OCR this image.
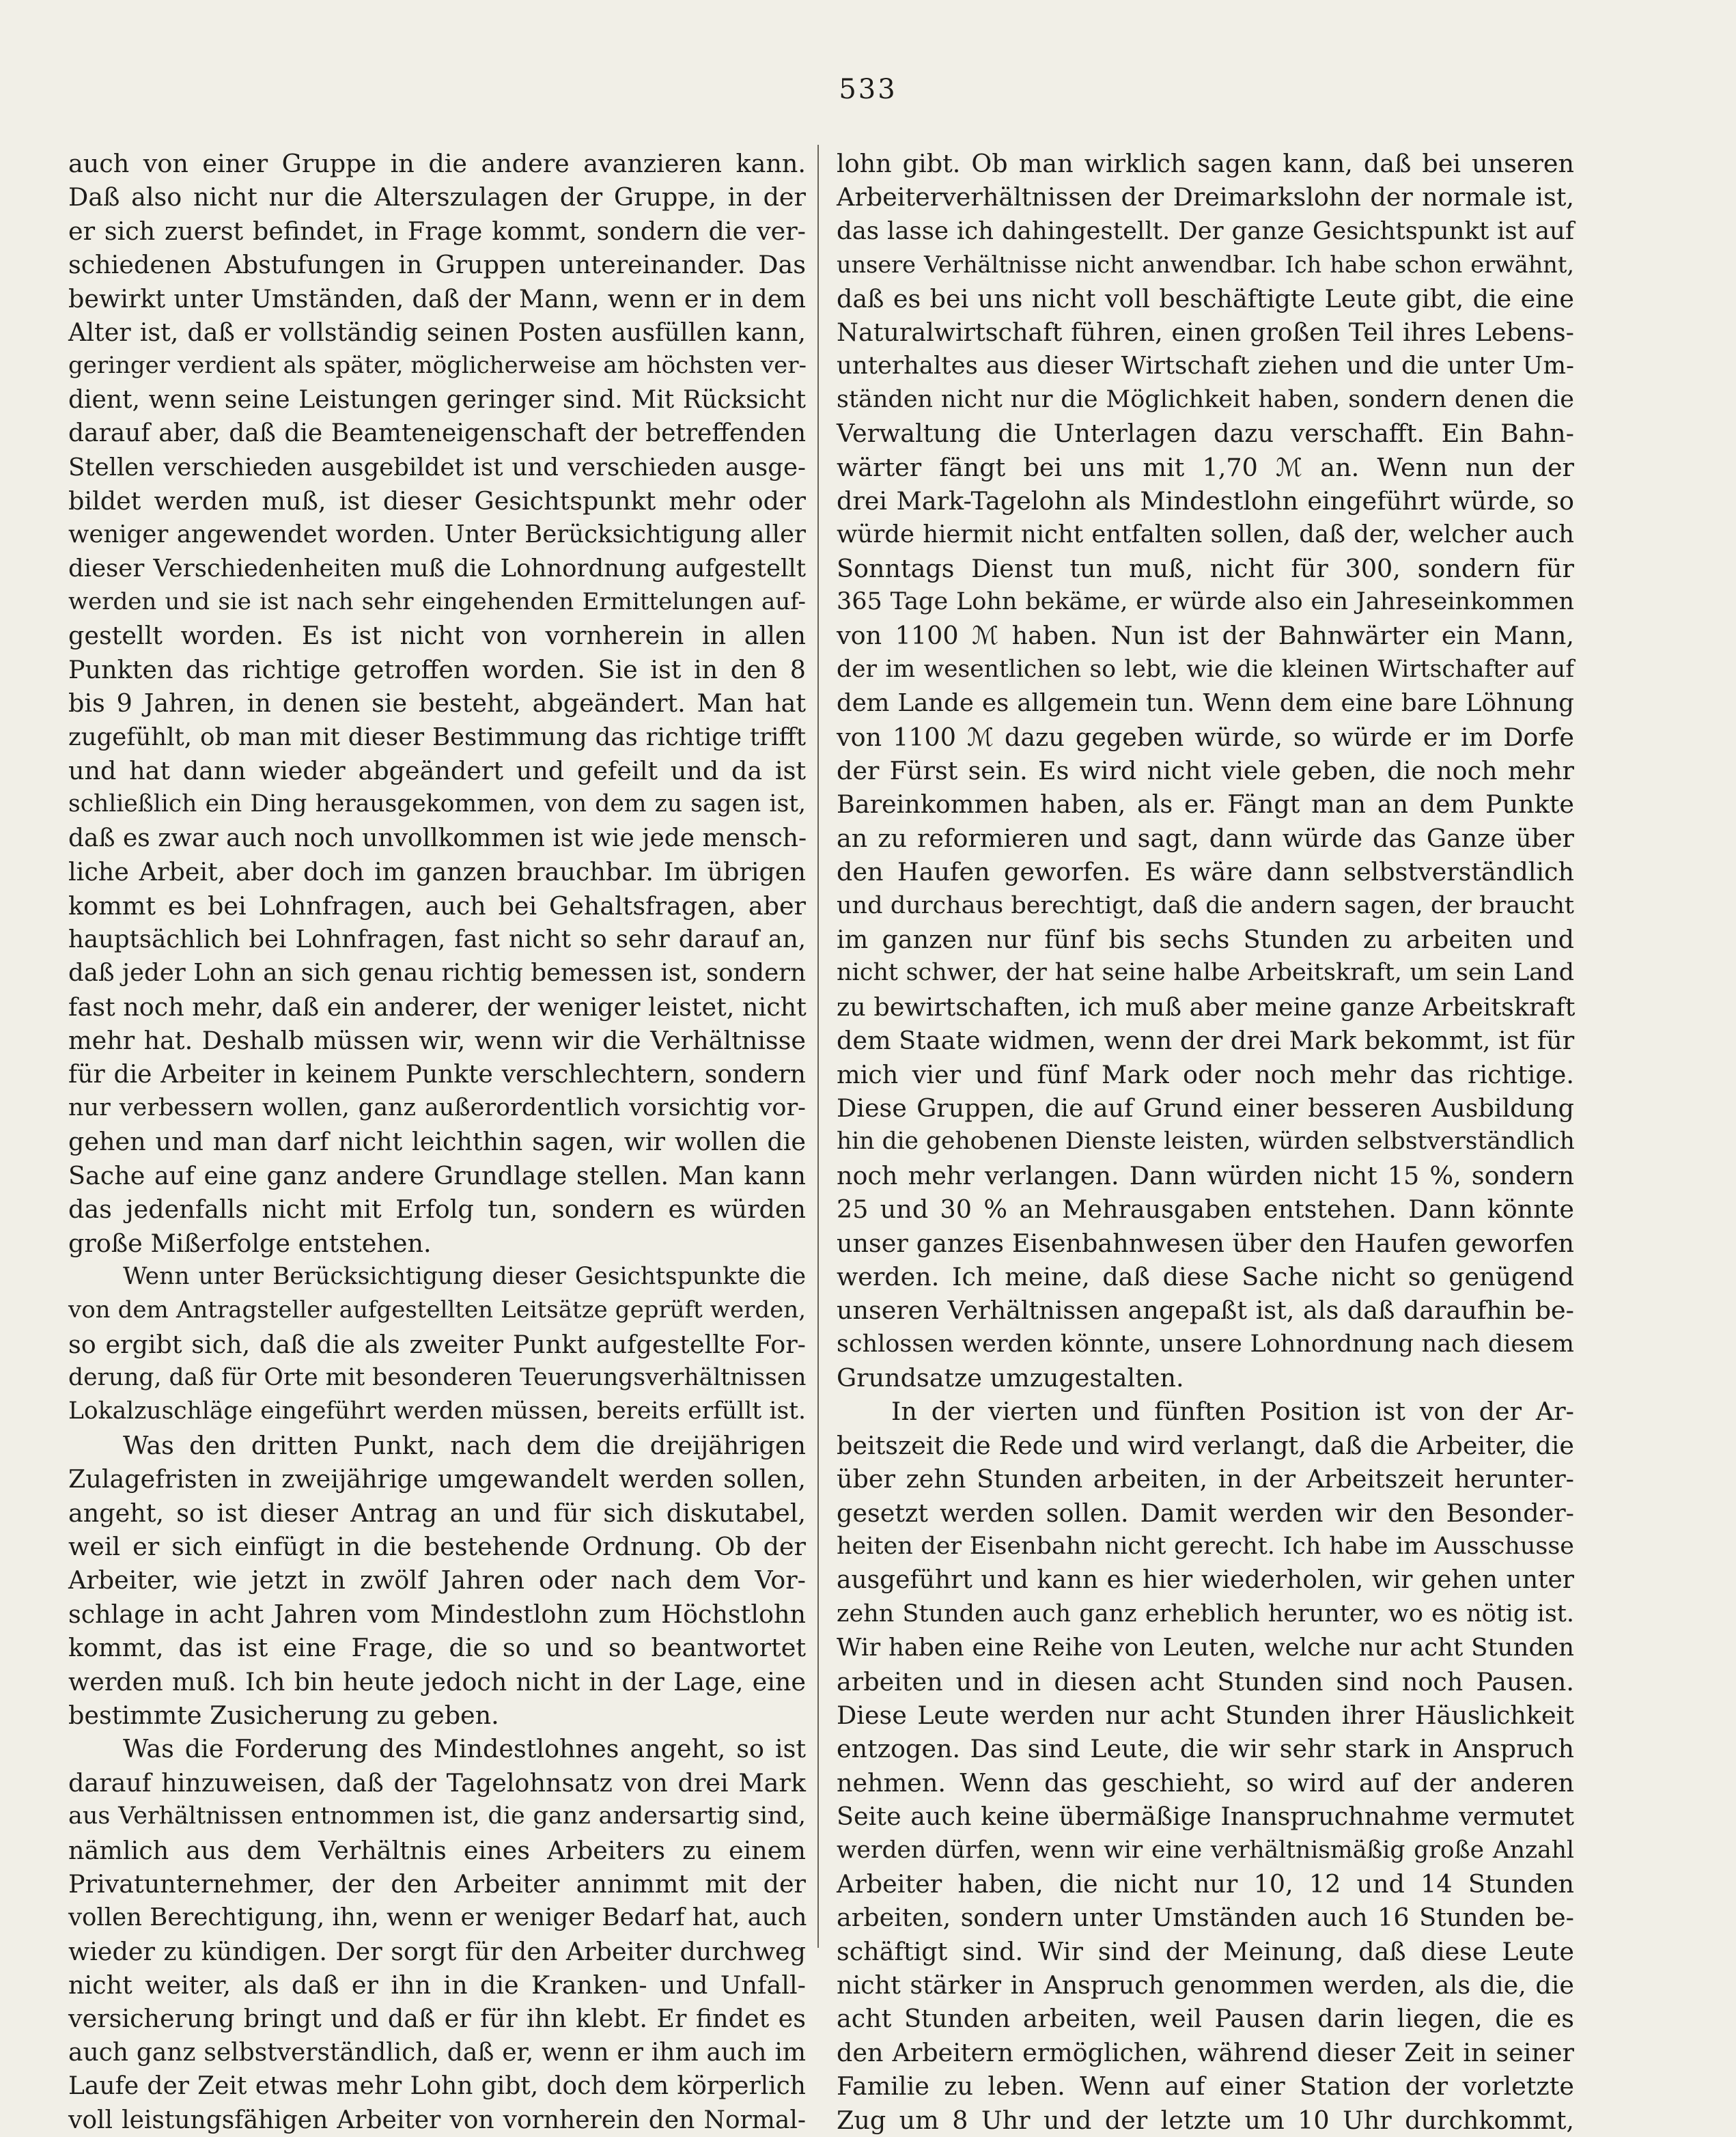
533
auch von einer Gruppe in die andere avanzieren kann.
Daß also nicht nur die Alterszulagen der Gruppe, in der
er sich zuerst befindet, in Frage kommt, sondern die ver-
schiedenen Abstufungen in Gruppen untereinander. Das
bewirkt unter Umständen, daß der Mann, wenn er in dem
Alter ist, daß er vollständig seinen Posten ausfüllen kann,
geringer verdient als später, möglicherweise am höchsten ver-
dient, wenn seine Leistungen geringer sind. Mit Rücksicht
darauf aber, daß die Beamteneigenschaft der betreffenden
Stellen verschieden ausgebildet ist und verschieden ausge-
bildet werden muß, ist dieser Gesichtspunkt mehr oder
weniger angewendet worden. Unter Berücksichtigung aller
dieser Verschiedenheiten muß die Lohnordnung aufgestellt
werden und sie ist nach sehr eingehenden Ermittelungen auf-
gestellt worden. Es ist nicht von vornherein in allen
Punkten das richtige getroffen worden. Sie ist in den 8
bis 9 Jahren, in denen sie besteht, abgeändert. Man hat
zugefühlt, ob man mit dieser Bestimmung das richtige trifft
und hat dann wieder abgeändert und gefeilt und da ist
schließlich ein Ding herausgekommen, von dem zu sagen ist,
daß es zwar auch noch unvollkommen ist wie jede mensch-
liche Arbeit, aber doch im ganzen brauchbar. Im übrigen
kommt es bei Lohnfragen, auch bei Gehaltsfragen, aber
hauptsächlich bei Lohnfragen, fast nicht so sehr darauf an,
daß jeder Lohn an sich genau richtig bemessen ist, sondern
fast noch mehr, daß ein anderer, der weniger leistet, nicht
mehr hat. Deshalb müssen wir, wenn wir die Verhältnisse
für die Arbeiter in keinem Punkte verschlechtern, sondern
nur verbessern wollen, ganz außerordentlich vorsichtig vor-
gehen und man darf nicht leichthin sagen, wir wollen die
Sache auf eine ganz andere Grundlage stellen. Man kann
das jedenfalls nicht mit Erfolg tun, sondern es würden
große Mißerfolge entstehen.
Wenn unter Berücksichtigung dieser Gesichtspunkte die
von dem Antragsteller aufgestellten Leitsätze geprüft werden,
so ergibt sich, daß die als zweiter Punkt aufgestellte For-
derung, daß für Orte mit besonderen Teuerungsverhältnissen
Lokalzuschläge eingeführt werden müssen, bereits erfüllt ist.
Was den dritten Punkt, nach dem die dreijährigen
Zulagefristen in zweijährige umgewandelt werden sollen,
angeht, so ist dieser Antrag an und für sich diskutabel,
weil er sich einfügt in die bestehende Ordnung. Ob der
Arbeiter, wie jetzt in zwölf Jahren oder nach dem Vor-
schlage in acht Jahren vom Mindestlohn zum Höchstlohn
kommt, das ist eine Frage, die so und so beantwortet
werden muß. Ich bin heute jedoch nicht in der Lage, eine
bestimmte Zusicherung zu geben.
Was die Forderung des Mindestlohnes angeht, so ist
darauf hinzuweisen, daß der Tagelohnsatz von drei Mark
aus Verhältnissen entnommen ist, die ganz andersartig sind,
nämlich aus dem Verhältnis eines Arbeiters zu einem
Privatunternehmer, der den Arbeiter annimmt mit der
vollen Berechtigung, ihn, wenn er weniger Bedarf hat, auch
wieder zu kündigen. Der sorgt für den Arbeiter durchweg
nicht weiter, als daß er ihn in die Kranken- und Unfall-
versicherung bringt und daß er für ihn klebt. Er findet es
auch ganz selbstverständlich, daß er, wenn er ihm auch im
Laufe der Zeit etwas mehr Lohn gibt, doch dem körperlich
voll leistungsfähigen Arbeiter von vornherein den Normal-
lohn gibt. Ob man wirklich sagen kann, daß bei unseren
Arbeiterverhältnissen der Dreimarkslohn der normale ist,
das lasse ich dahingestellt. Der ganze Gesichtspunkt ist auf
unsere Verhältnisse nicht anwendbar. Ich habe schon erwähnt,
daß es bei uns nicht voll beschäftigte Leute gibt, die eine
Naturalwirtschaft führen, einen großen Teil ihres Lebens-
unterhaltes aus dieser Wirtschaft ziehen und die unter Um-
ständen nicht nur die Möglichkeit haben, sondern denen die
Verwaltung die Unterlagen dazu verschafft. Ein Bahn-
wärter fängt bei uns mit 1,70 ℳ an. Wenn nun der
drei Mark-Tagelohn als Mindestlohn eingeführt würde, so
würde hiermit nicht entfalten sollen, daß der, welcher auch
Sonntags Dienst tun muß, nicht für 300, sondern für
365 Tage Lohn bekäme, er würde also ein Jahreseinkommen
von 1100 ℳ haben. Nun ist der Bahnwärter ein Mann,
der im wesentlichen so lebt, wie die kleinen Wirtschafter auf
dem Lande es allgemein tun. Wenn dem eine bare Löhnung
von 1100 ℳ dazu gegeben würde, so würde er im Dorfe
der Fürst sein. Es wird nicht viele geben, die noch mehr
Bareinkommen haben, als er. Fängt man an dem Punkte
an zu reformieren und sagt, dann würde das Ganze über
den Haufen geworfen. Es wäre dann selbstverständlich
und durchaus berechtigt, daß die andern sagen, der braucht
im ganzen nur fünf bis sechs Stunden zu arbeiten und
nicht schwer, der hat seine halbe Arbeitskraft, um sein Land
zu bewirtschaften, ich muß aber meine ganze Arbeitskraft
dem Staate widmen, wenn der drei Mark bekommt, ist für
mich vier und fünf Mark oder noch mehr das richtige.
Diese Gruppen, die auf Grund einer besseren Ausbildung
hin die gehobenen Dienste leisten, würden selbstverständlich
noch mehr verlangen. Dann würden nicht 15 %, sondern
25 und 30 % an Mehrausgaben entstehen. Dann könnte
unser ganzes Eisenbahnwesen über den Haufen geworfen
werden. Ich meine, daß diese Sache nicht so genügend
unseren Verhältnissen angepaßt ist, als daß daraufhin be-
schlossen werden könnte, unsere Lohnordnung nach diesem
Grundsatze umzugestalten.
In der vierten und fünften Position ist von der Ar-
beitszeit die Rede und wird verlangt, daß die Arbeiter, die
über zehn Stunden arbeiten, in der Arbeitszeit herunter-
gesetzt werden sollen. Damit werden wir den Besonder-
heiten der Eisenbahn nicht gerecht. Ich habe im Ausschusse
ausgeführt und kann es hier wiederholen, wir gehen unter
zehn Stunden auch ganz erheblich herunter, wo es nötig ist.
Wir haben eine Reihe von Leuten, welche nur acht Stunden
arbeiten und in diesen acht Stunden sind noch Pausen.
Diese Leute werden nur acht Stunden ihrer Häuslichkeit
entzogen. Das sind Leute, die wir sehr stark in Anspruch
nehmen. Wenn das geschieht, so wird auf der anderen
Seite auch keine übermäßige Inanspruchnahme vermutet
werden dürfen, wenn wir eine verhältnismäßig große Anzahl
Arbeiter haben, die nicht nur 10, 12 und 14 Stunden
arbeiten, sondern unter Umständen auch 16 Stunden be-
schäftigt sind. Wir sind der Meinung, daß diese Leute
nicht stärker in Anspruch genommen werden, als die, die
acht Stunden arbeiten, weil Pausen darin liegen, die es
den Arbeitern ermöglichen, während dieser Zeit in seiner
Familie zu leben. Wenn auf einer Station der vorletzte
Zug um 8 Uhr und der letzte um 10 Uhr durchkommt,
